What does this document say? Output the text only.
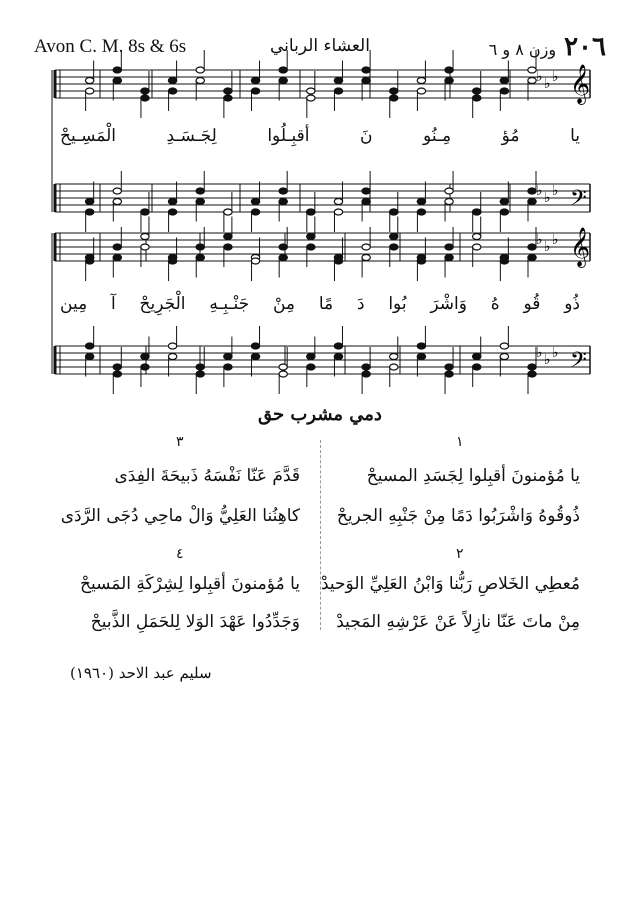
Avon C. M. 8s & 6s	العشاء الرباني	٢٠٦
وزن ٨ و ٦
𝄞
♭
♭
♭
𝄢
♭
♭
♭
𝄞
♭
♭
♭
𝄢
♭
♭
♭
يا مُؤ مِـنُو نَ أقبِـلُوا لِجَـسَـدِ الْمَسِـيحْ
ذُو قُو هُ وَاشْرَ بُوا دَ مًا مِنْ جَنْـبِـهِ الْجَرِيحْ آ مِين
دمي مشرب حق
٣	١
قَدَّمَ عَنّا نَفْسَهُ ذَبيحَةَ الفِدَى
كاهِنُنا العَلِيُّ وَالْ ماحِي دُجَى الرَّدَى
يا مُؤمنونَ أقبِلوا لِجَسَدِ المسيحْ
ذُوقُوهُ وَاشْرَبُوا دَمًا مِنْ جَنْبِهِ الجريحْ
٤	٢
يا مُؤمنونَ أقبِلوا لِشِرْكَةِ المَسيحْ
وَجَدِّدُوا عَهْدَ الوَلا لِلحَمَلِ الذَّبيحْ
مُعطِي الخَلاصِ رَبُّنا وَابْنُ العَلِيِّ الوَحيدْ
مِنْ ماتَ عَنّا نازِلاً عَنْ عَرْشِهِ المَجيدْ
سليم عبد الاحد (١٩٦٠)
